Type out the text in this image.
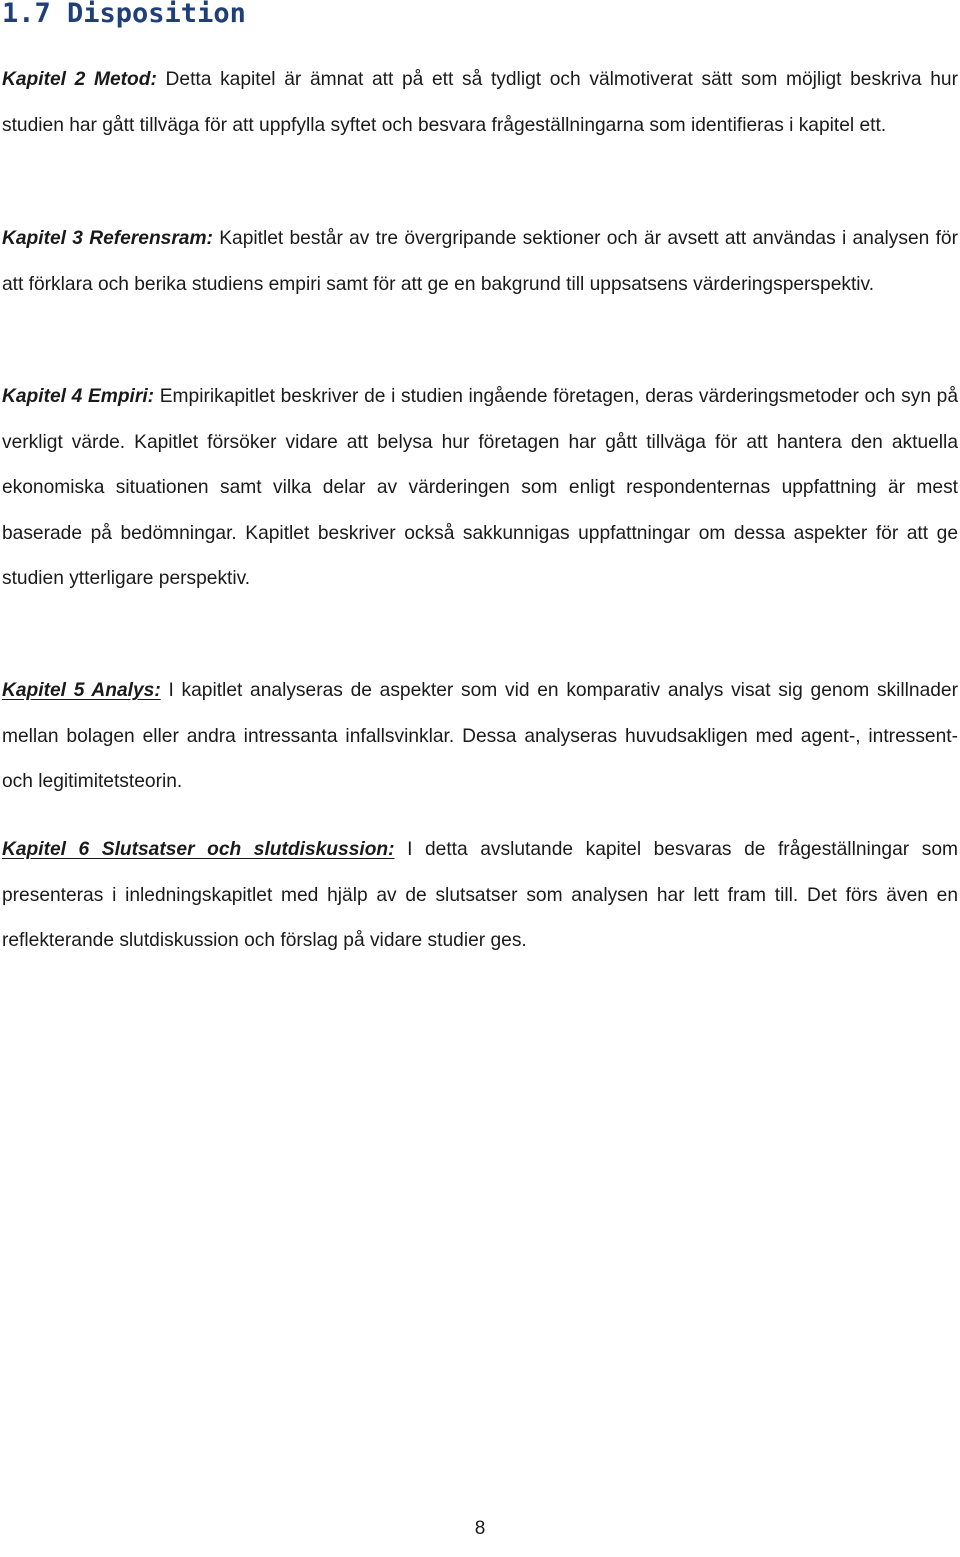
1.7 Disposition

Kapitel 2 Metod: Detta kapitel är ämnat att på ett så tydligt och välmotiverat sätt som möjligt beskriva hur studien har gått tillväga för att uppfylla syftet och besvara frågeställningarna som identifieras i kapitel ett.

Kapitel 3 Referensram: Kapitlet består av tre övergripande sektioner och är avsett att användas i analysen för att förklara och berika studiens empiri samt för att ge en bakgrund till uppsatsens värderingsperspektiv.

Kapitel 4 Empiri: Empirikapitlet beskriver de i studien ingående företagen, deras värderingsmetoder och syn på verkligt värde. Kapitlet försöker vidare att belysa hur företagen har gått tillväga för att hantera den aktuella ekonomiska situationen samt vilka delar av värderingen som enligt respondenternas uppfattning är mest baserade på bedömningar. Kapitlet beskriver också sakkunnigas uppfattningar om dessa aspekter för att ge studien ytterligare perspektiv.

Kapitel 5 Analys: I kapitlet analyseras de aspekter som vid en komparativ analys visat sig genom skillnader mellan bolagen eller andra intressanta infallsvinklar. Dessa analyseras huvudsakligen med agent-, intressent- och legitimitetsteorin.

Kapitel 6 Slutsatser och slutdiskussion: I detta avslutande kapitel besvaras de frågeställningar som presenteras i inledningskapitlet med hjälp av de slutsatser som analysen har lett fram till. Det förs även en reflekterande slutdiskussion och förslag på vidare studier ges.

8
